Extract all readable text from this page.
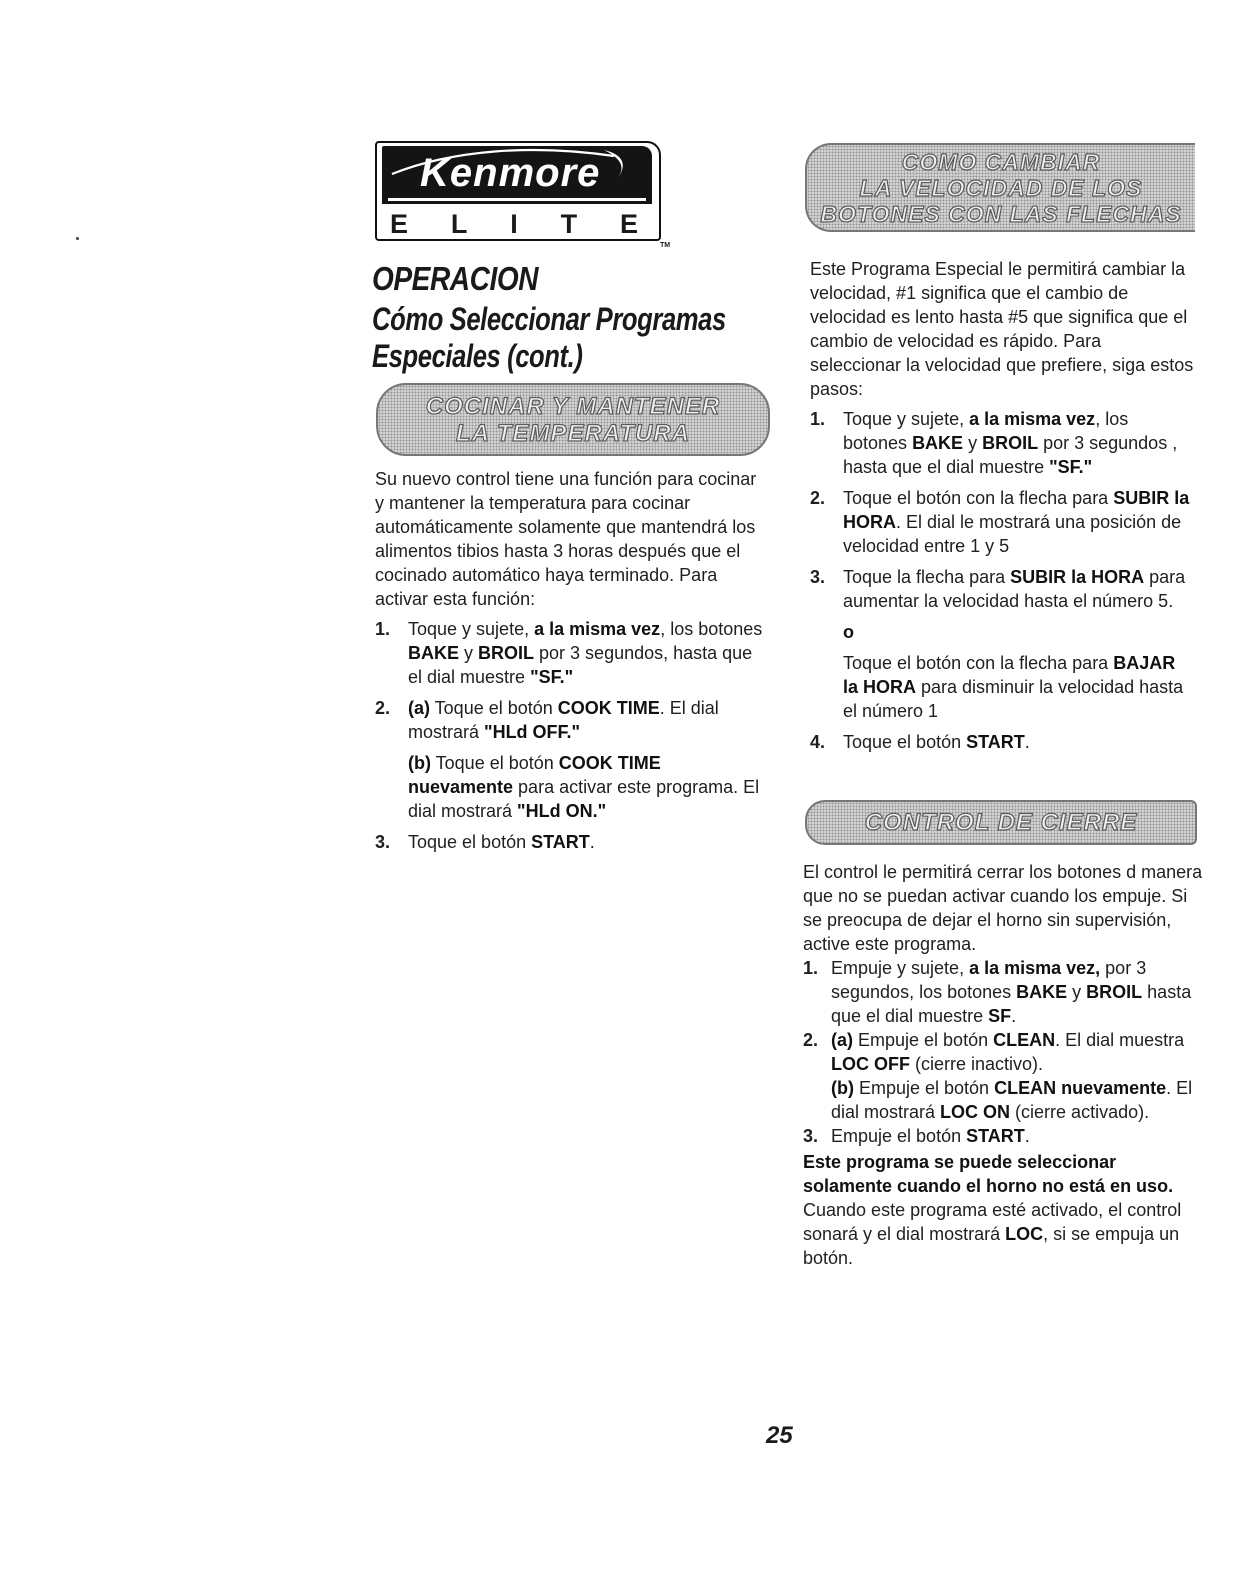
Kenmore
E L I T E
TM
OPERACION
Cómo Seleccionar Programas
Especiales (cont.)
COCINAR Y MANTENER
LA TEMPERATURA

Su nuevo control tiene una función para cocinar y mantener la temperatura para cocinar automáticamente solamente que mantendrá los alimentos tibios hasta 3 horas después que el cocinado automático haya terminado. Para activar esta función:

1. Toque y sujete, a la misma vez, los botones BAKE y BROIL por 3 segundos, hasta que el dial muestre "SF."
2. (a) Toque el botón COOK TIME. El dial mostrará "HLd OFF."
(b) Toque el botón COOK TIME nuevamente para activar este programa. El dial mostrará "HLd ON."
3. Toque el botón START.
COMO CAMBIAR
LA VELOCIDAD DE LOS
BOTONES CON LAS FLECHAS

Este Programa Especial le permitirá cambiar la velocidad, #1 significa que el cambio de velocidad es lento hasta #5 que significa que el cambio de velocidad es rápido. Para seleccionar la velocidad que prefiere, siga estos pasos:

1. Toque y sujete, a la misma vez, los botones BAKE y BROIL por 3 segundos , hasta que el dial muestre "SF."
2. Toque el botón con la flecha para SUBIR la HORA. El dial le mostrará una posición de velocidad entre 1 y 5
3. Toque la flecha para SUBIR la HORA para aumentar la velocidad hasta el número 5.
o
Toque el botón con la flecha para BAJAR la HORA para disminuir la velocidad hasta el número 1
4. Toque el botón START.
CONTROL DE CIERRE

El control le permitirá cerrar los botones d manera que no se puedan activar cuando los empuje. Si se preocupa de dejar el horno sin supervisión, active este programa.

1. Empuje y sujete, a la misma vez, por 3 segundos, los botones BAKE y BROIL hasta que el dial muestre SF.
2. (a) Empuje el botón CLEAN. El dial muestra LOC OFF (cierre inactivo).
(b) Empuje el botón CLEAN nuevamente. El dial mostrará LOC ON (cierre activado).
3. Empuje el botón START.

Este programa se puede seleccionar solamente cuando el horno no está en uso.

Cuando este programa esté activado, el control sonará y el dial mostrará LOC, si se empuja un botón.

25
